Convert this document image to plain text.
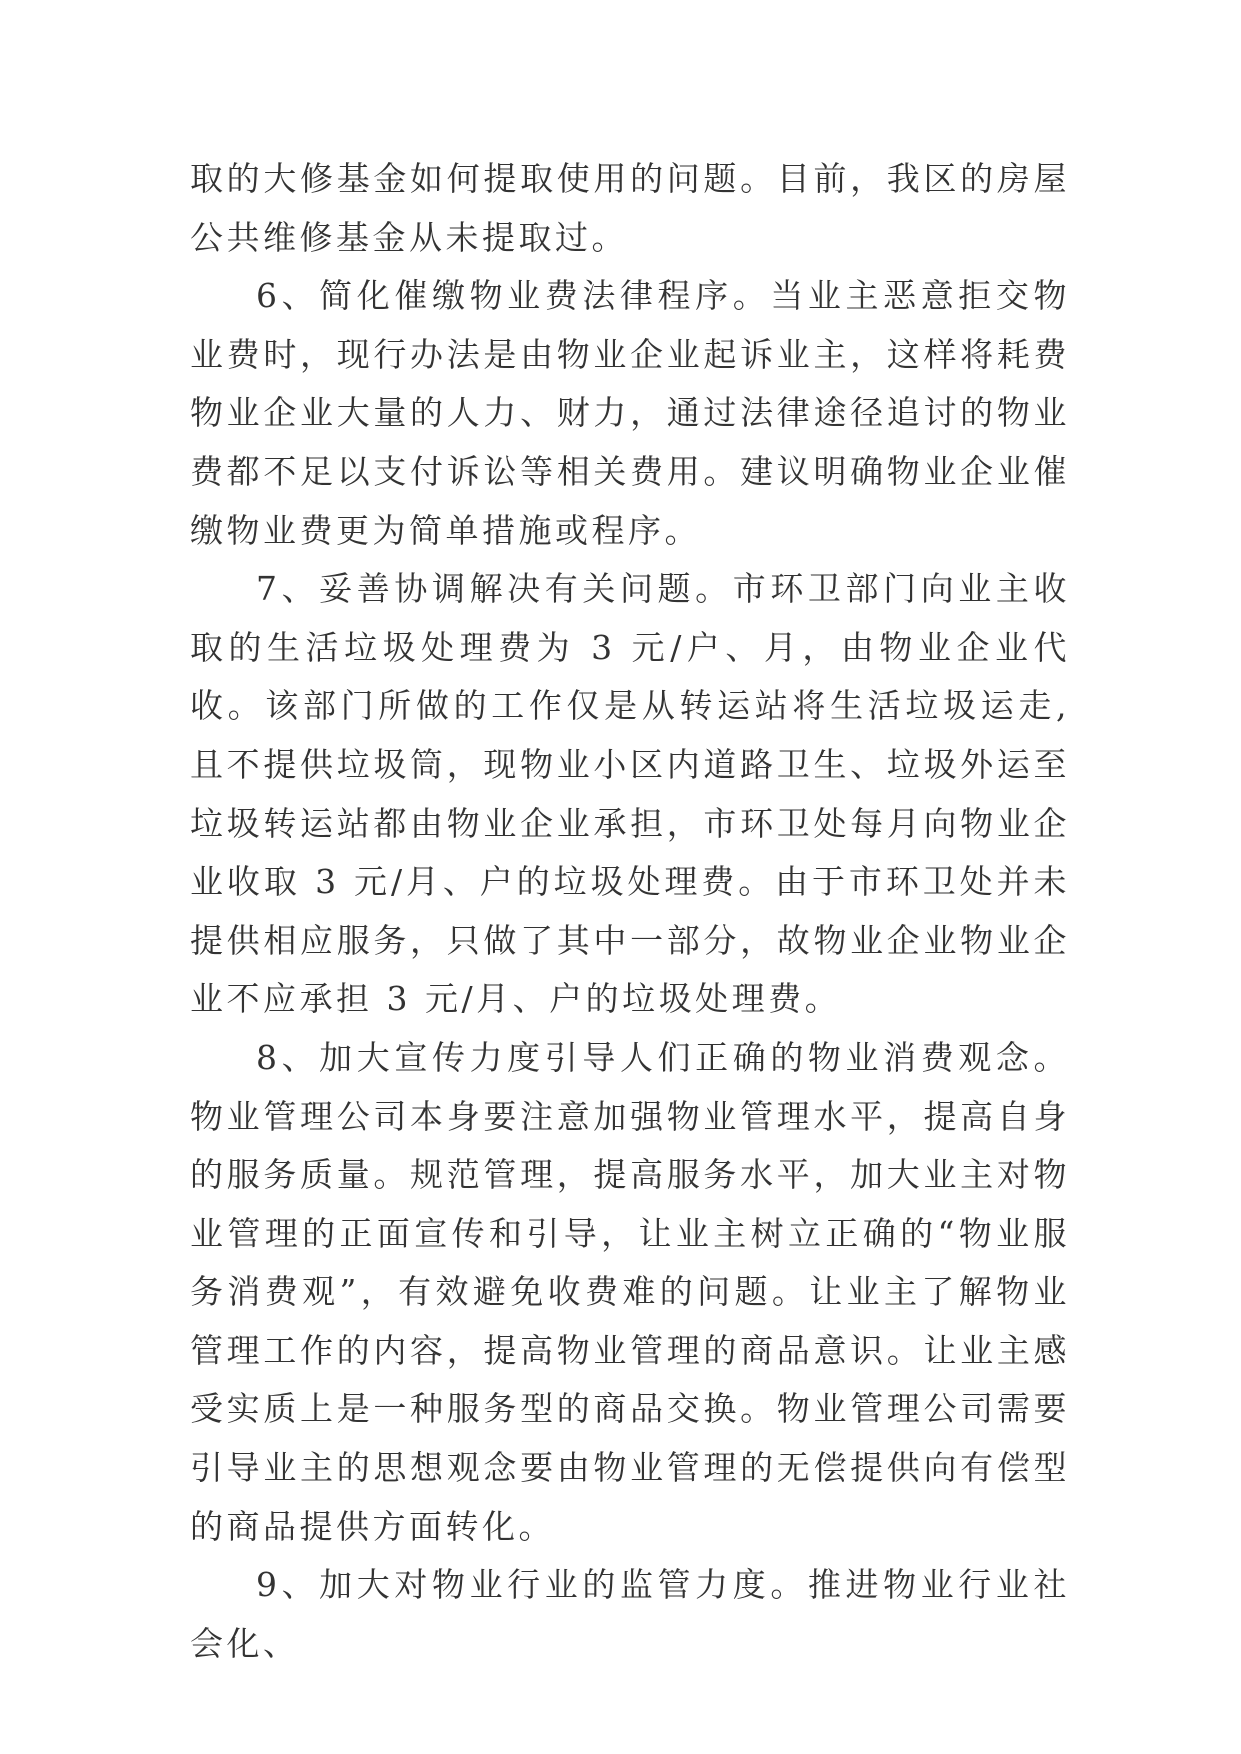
取的大修基金如何提取使用的问题。目前，我区的房屋公共维修基金从未提取过。

6、简化催缴物业费法律程序。当业主恶意拒交物业费时，现行办法是由物业企业起诉业主，这样将耗费物业企业大量的人力、财力，通过法律途径追讨的物业费都不足以支付诉讼等相关费用。建议明确物业企业催缴物业费更为简单措施或程序。

7、妥善协调解决有关问题。市环卫部门向业主收取的生活垃圾处理费为 3 元/户、月，由物业企业代收。该部门所做的工作仅是从转运站将生活垃圾运走,且不提供垃圾筒，现物业小区内道路卫生、垃圾外运至垃圾转运站都由物业企业承担，市环卫处每月向物业企业收取 3 元/月、户的垃圾处理费。由于市环卫处并未提供相应服务，只做了其中一部分，故物业企业物业企业不应承担 3 元/月、户的垃圾处理费。

8、加大宣传力度引导人们正确的物业消费观念。物业管理公司本身要注意加强物业管理水平，提高自身的服务质量。规范管理，提高服务水平，加大业主对物业管理的正面宣传和引导，让业主树立正确的“物业服务消费观”，有效避免收费难的问题。让业主了解物业管理工作的内容，提高物业管理的商品意识。让业主感受实质上是一种服务型的商品交换。物业管理公司需要引导业主的思想观念要由物业管理的无偿提供向有偿型的商品提供方面转化。

9、加大对物业行业的监管力度。推进物业行业社会化、
